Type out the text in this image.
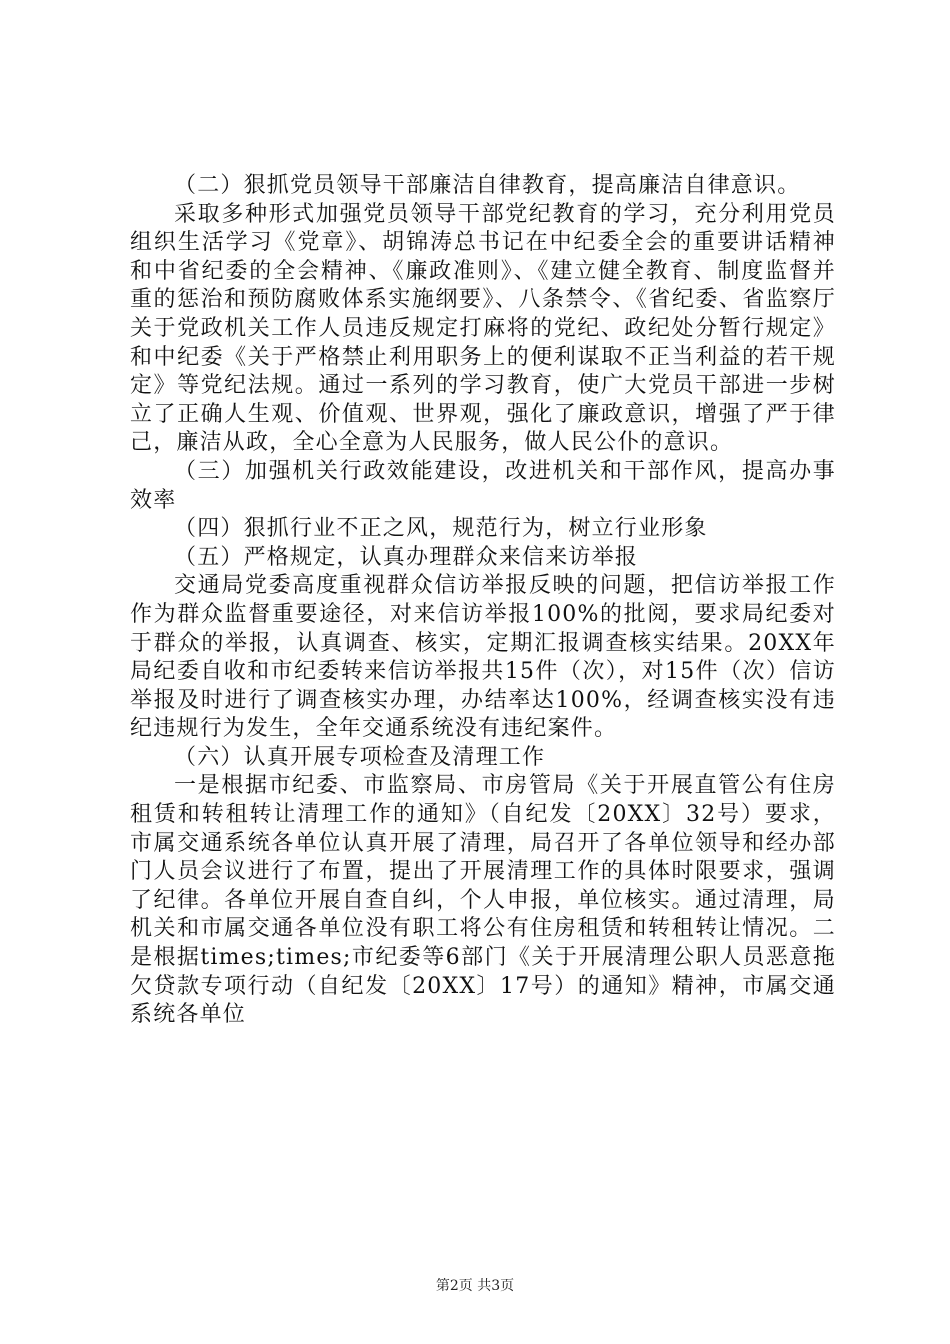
（二）狠抓党员领导干部廉洁自律教育，提高廉洁自律意识。

采取多种形式加强党员领导干部党纪教育的学习，充分利用党员组织生活学习《党章》、胡锦涛总书记在中纪委全会的重要讲话精神和中省纪委的全会精神、《廉政准则》、《建立健全教育、制度监督并重的惩治和预防腐败体系实施纲要》、八条禁令、《省纪委、省监察厅关于党政机关工作人员违反规定打麻将的党纪、政纪处分暂行规定》和中纪委《关于严格禁止利用职务上的便利谋取不正当利益的若干规定》等党纪法规。通过一系列的学习教育，使广大党员干部进一步树立了正确人生观、价值观、世界观，强化了廉政意识，增强了严于律己，廉洁从政，全心全意为人民服务，做人民公仆的意识。

（三）加强机关行政效能建设，改进机关和干部作风，提高办事效率

（四）狠抓行业不正之风，规范行为，树立行业形象

（五）严格规定，认真办理群众来信来访举报

交通局党委高度重视群众信访举报反映的问题，把信访举报工作作为群众监督重要途径，对来信访举报100%的批阅，要求局纪委对于群众的举报，认真调查、核实，定期汇报调查核实结果。20XX年局纪委自收和市纪委转来信访举报共15件（次），对15件（次）信访举报及时进行了调查核实办理，办结率达100%，经调查核实没有违纪违规行为发生，全年交通系统没有违纪案件。

（六）认真开展专项检查及清理工作

一是根据市纪委、市监察局、市房管局《关于开展直管公有住房租赁和转租转让清理工作的通知》（自纪发〔20XX〕32号）要求，市属交通系统各单位认真开展了清理，局召开了各单位领导和经办部门人员会议进行了布置，提出了开展清理工作的具体时限要求，强调了纪律。各单位开展自查自纠，个人申报，单位核实。通过清理，局机关和市属交通各单位没有职工将公有住房租赁和转租转让情况。二是根据times;times;市纪委等6部门《关于开展清理公职人员恶意拖欠贷款专项行动（自纪发〔20XX〕17号）的通知》精神，市属交通系统各单位

第2页 共3页
